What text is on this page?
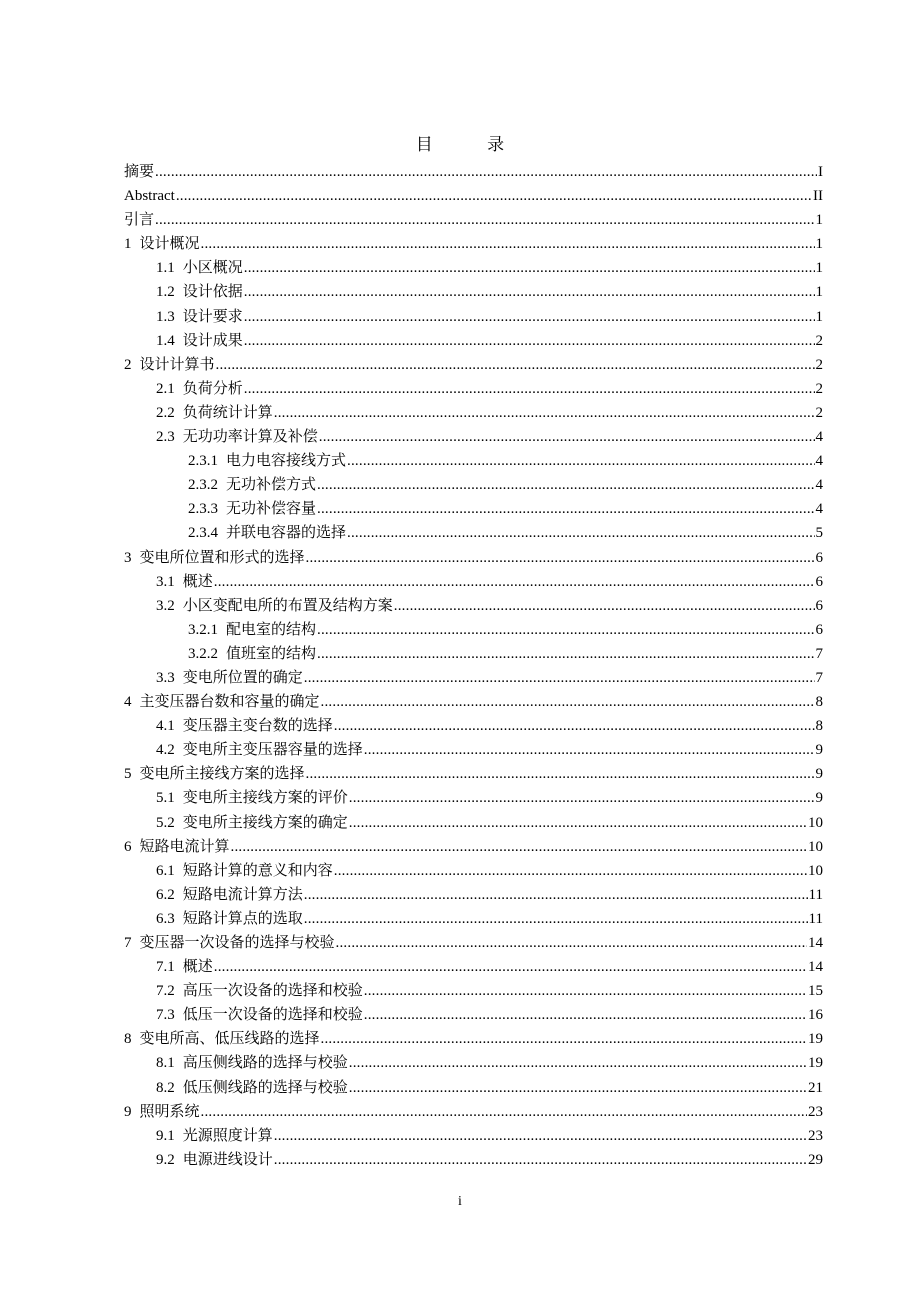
目　录
摘要 .....	I
Abstract .....	II
引言 .....	1
1 设计概况 .....	1
1.1 小区概况 .....	1
1.2 设计依据 .....	1
1.3 设计要求 .....	1
1.4 设计成果 .....	2
2 设计计算书 .....	2
2.1 负荷分析 .....	2
2.2 负荷统计计算 .....	2
2.3 无功功率计算及补偿 .....	4
2.3.1 电力电容接线方式 .....	4
2.3.2 无功补偿方式 .....	4
2.3.3 无功补偿容量 .....	4
2.3.4 并联电容器的选择 .....	5
3 变电所位置和形式的选择 .....	6
3.1 概述 .....	6
3.2 小区变配电所的布置及结构方案 .....	6
3.2.1 配电室的结构 .....	6
3.2.2 值班室的结构 .....	7
3.3 变电所位置的确定 .....	7
4 主变压器台数和容量的确定 .....	8
4.1 变压器主变台数的选择 .....	8
4.2 变电所主变压器容量的选择 .....	9
5 变电所主接线方案的选择 .....	9
5.1 变电所主接线方案的评价 .....	9
5.2 变电所主接线方案的确定 .....	10
6 短路电流计算 .....	10
6.1 短路计算的意义和内容 .....	10
6.2 短路电流计算方法 .....	11
6.3 短路计算点的选取 .....	11
7 变压器一次设备的选择与校验 .....	14
7.1 概述 .....	14
7.2 高压一次设备的选择和校验 .....	15
7.3 低压一次设备的选择和校验 .....	16
8 变电所高、低压线路的选择 .....	19
8.1 高压侧线路的选择与校验 .....	19
8.2 低压侧线路的选择与校验 .....	21
9 照明系统 .....	23
9.1 光源照度计算 .....	23
9.2 电源进线设计 .....	29
i
